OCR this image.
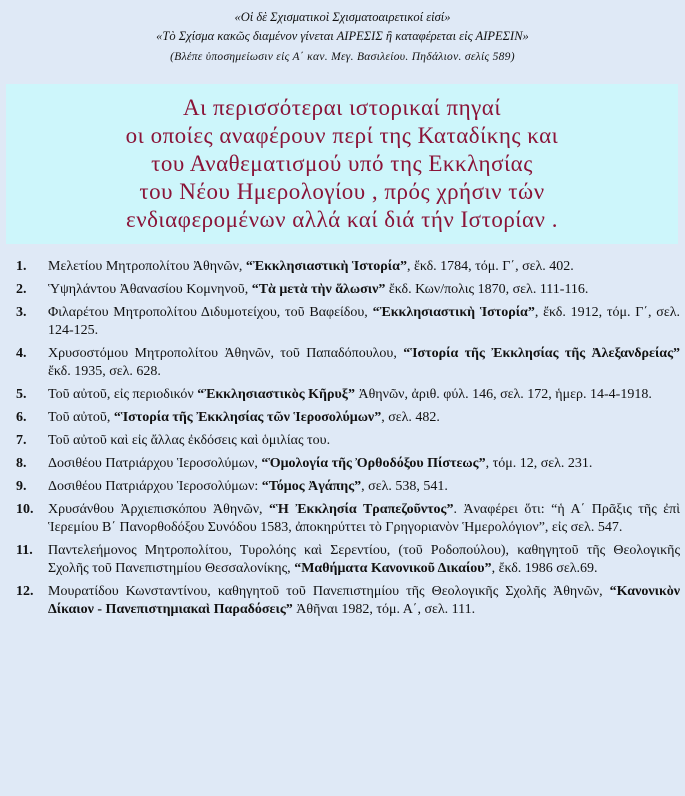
«Οἱ δὲ Σχισματικοὶ Σχισματοαιρετικοί εἰσί»
«Τὸ Σχίσμα κακῶς διαμένον γίνεται ΑΙΡΕΣΙΣ ἢ καταφέρεται εἰς ΑΙΡΕΣΙΝ»
(Βλέπε ὑποσημείωσιν εἰς Α΄ καν. Μεγ. Βασιλείου. Πηδάλιον. σελίς 589)
Αι περισσότεραι ιστορικαί πηγαί
οι οποίες αναφέρουν περί της Καταδίκης και
του Αναθεματισμού υπό της Εκκλησίας
του Νέου Ημερολογίου , πρός χρήσιν τών
ενδιαφερομένων αλλά καί διά τήν Ιστορίαν .
1.	Μελετίου Μητροπολίτου Ἀθηνῶν, “Ἐκκλησιαστικὴ Ἱστορία”, ἔκδ. 1784, τόμ. Γ΄, σελ. 402.
2.	Ὑψηλάντου Ἀθανασίου Κομνηνοῦ, “Τὰ μετὰ τὴν ἅλωσιν” ἔκδ. Κων/πολις 1870, σελ. 111-116.
3.	Φιλαρέτου Μητροπολίτου Διδυμοτείχου, τοῦ Βαφείδου, “Ἐκκλησιαστικὴ Ἱστορία”, ἔκδ. 1912, τόμ. Γ΄, σελ. 124-125.
4.	Χρυσοστόμου Μητροπολίτου Ἀθηνῶν, τοῦ Παπαδόπουλου, “Ἱστορία τῆς Ἐκκλησίας τῆς Ἀλεξανδρείας” ἔκδ. 1935, σελ. 628.
5.	Τοῦ αὐτοῦ, εἰς περιοδικόν “Ἐκκλησιαστικὸς Κῆρυξ” Ἀθηνῶν, ἀριθ. φύλ. 146, σελ. 172, ἡμερ. 14-4-1918.
6.	Τοῦ αὐτοῦ, “Ἱστορία τῆς Ἐκκλησίας τῶν Ἱεροσολύμων”, σελ. 482.
7.	Τοῦ αὐτοῦ καὶ εἰς ἄλλας ἐκδόσεις καὶ ὁμιλίας του.
8.	Δοσιθέου Πατριάρχου Ἱεροσολύμων, “Ὁμολογία τῆς Ὀρθοδόξου Πίστεως”, τόμ. 12, σελ. 231.
9.	Δοσιθέου Πατριάρχου Ἱεροσολύμων: “Τόμος Ἀγάπης”, σελ. 538, 541.
10.	Χρυσάνθου Ἀρχιεπισκόπου Ἀθηνῶν, “Ἡ Ἐκκλησία Τραπεζοῦντος”. Ἀναφέρει ὅτι: “ἡ Α΄ Πρᾶξις τῆς ἐπὶ Ἱερεμίου Β΄ Πανορθοδόξου Συνόδου 1583, ἀποκηρύττει τὸ Γρηγοριανὸν Ἡμερολόγιον”, εἰς σελ. 547.
11.	Παντελεήμονος Μητροπολίτου, Τυρολόης καὶ Σερεντίου, (τοῦ Ροδοπούλου), καθηγητοῦ τῆς Θεολογικῆς Σχολῆς τοῦ Πανεπιστημίου Θεσσαλονίκης, “Μαθήματα Κανονικοῦ Δικαίου”, ἔκδ. 1986 σελ.69.
12.	Μουρατίδου Κωνσταντίνου, καθηγητοῦ τοῦ Πανεπιστημίου τῆς Θεολογικῆς Σχολῆς Ἀθηνῶν, “Κανονικὸν Δίκαιον - Πανεπιστημιακαὶ Παραδόσεις” Ἀθῆναι 1982, τόμ. Α΄, σελ. 111.
